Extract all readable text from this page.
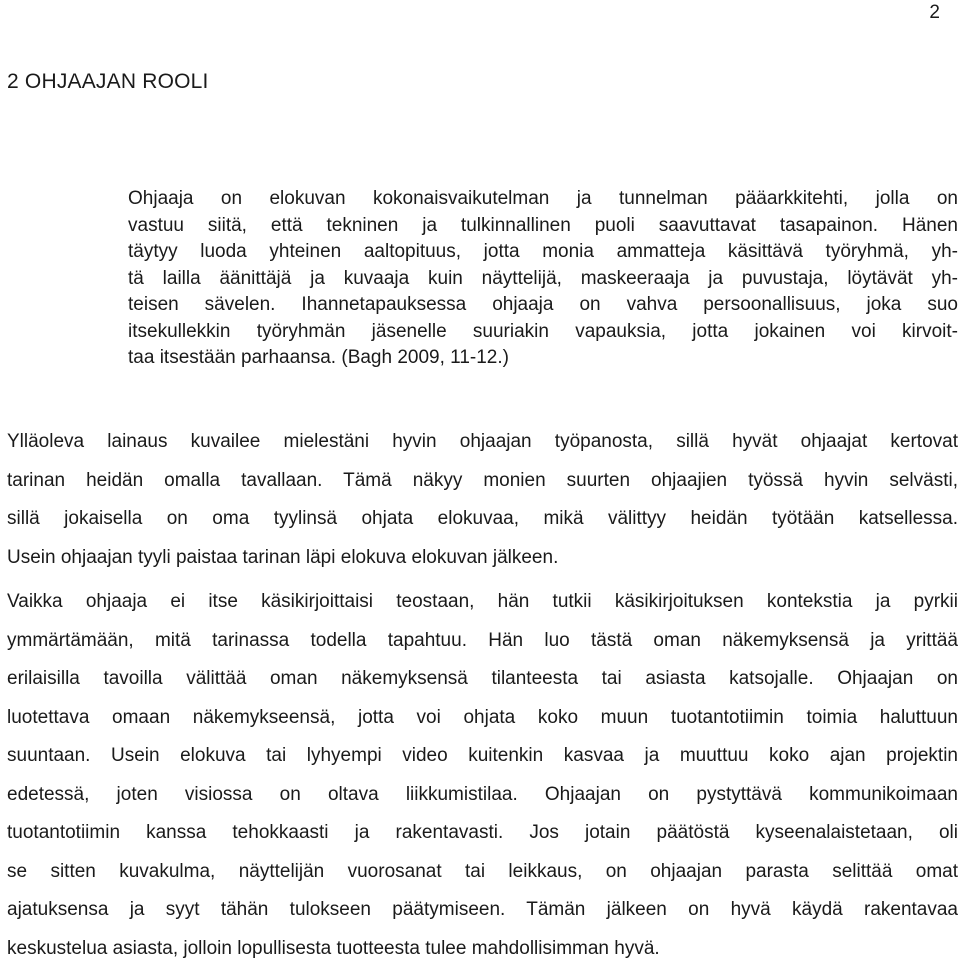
2
2 OHJAAJAN ROOLI
Ohjaaja on elokuvan kokonaisvaikutelman ja tunnelman pääarkkitehti, jolla on
vastuu siitä, että tekninen ja tulkinnallinen puoli saavuttavat tasapainon. Hänen
täytyy luoda yhteinen aaltopituus, jotta monia ammatteja käsittävä työryhmä, yh-
tä lailla äänittäjä ja kuvaaja kuin näyttelijä, maskeeraaja ja puvustaja, löytävät yh-
teisen sävelen. Ihannetapauksessa ohjaaja on vahva persoonallisuus, joka suo
itsekullekkin työryhmän jäsenelle suuriakin vapauksia, jotta jokainen voi kirvoit-
taa itsestään parhaansa. (Bagh 2009, 11-12.)
Ylläoleva lainaus kuvailee mielestäni hyvin ohjaajan työpanosta, sillä hyvät ohjaajat kertovat
tarinan heidän omalla tavallaan. Tämä näkyy monien suurten ohjaajien työssä hyvin selvästi,
sillä jokaisella on oma tyylinsä ohjata elokuvaa, mikä välittyy heidän työtään katsellessa.
Usein ohjaajan tyyli paistaa tarinan läpi elokuva elokuvan jälkeen.
Vaikka ohjaaja ei itse käsikirjoittaisi teostaan, hän tutkii käsikirjoituksen kontekstia ja pyrkii
ymmärtämään, mitä tarinassa todella tapahtuu. Hän luo tästä oman näkemyksensä ja yrittää
erilaisilla tavoilla välittää oman näkemyksensä tilanteesta tai asiasta katsojalle. Ohjaajan on
luotettava omaan näkemykseensä, jotta voi ohjata koko muun tuotantotiimin toimia haluttuun
suuntaan. Usein elokuva tai lyhyempi video kuitenkin kasvaa ja muuttuu koko ajan projektin
edetessä, joten visiossa on oltava liikkumistilaa. Ohjaajan on pystyttävä kommunikoimaan
tuotantotiimin kanssa tehokkaasti ja rakentavasti. Jos jotain päätöstä kyseenalaistetaan, oli
se sitten kuvakulma, näyttelijän vuorosanat tai leikkaus, on ohjaajan parasta selittää omat
ajatuksensa ja syyt tähän tulokseen päätymiseen. Tämän jälkeen on hyvä käydä rakentavaa
keskustelua asiasta, jolloin lopullisesta tuotteesta tulee mahdollisimman hyvä.
